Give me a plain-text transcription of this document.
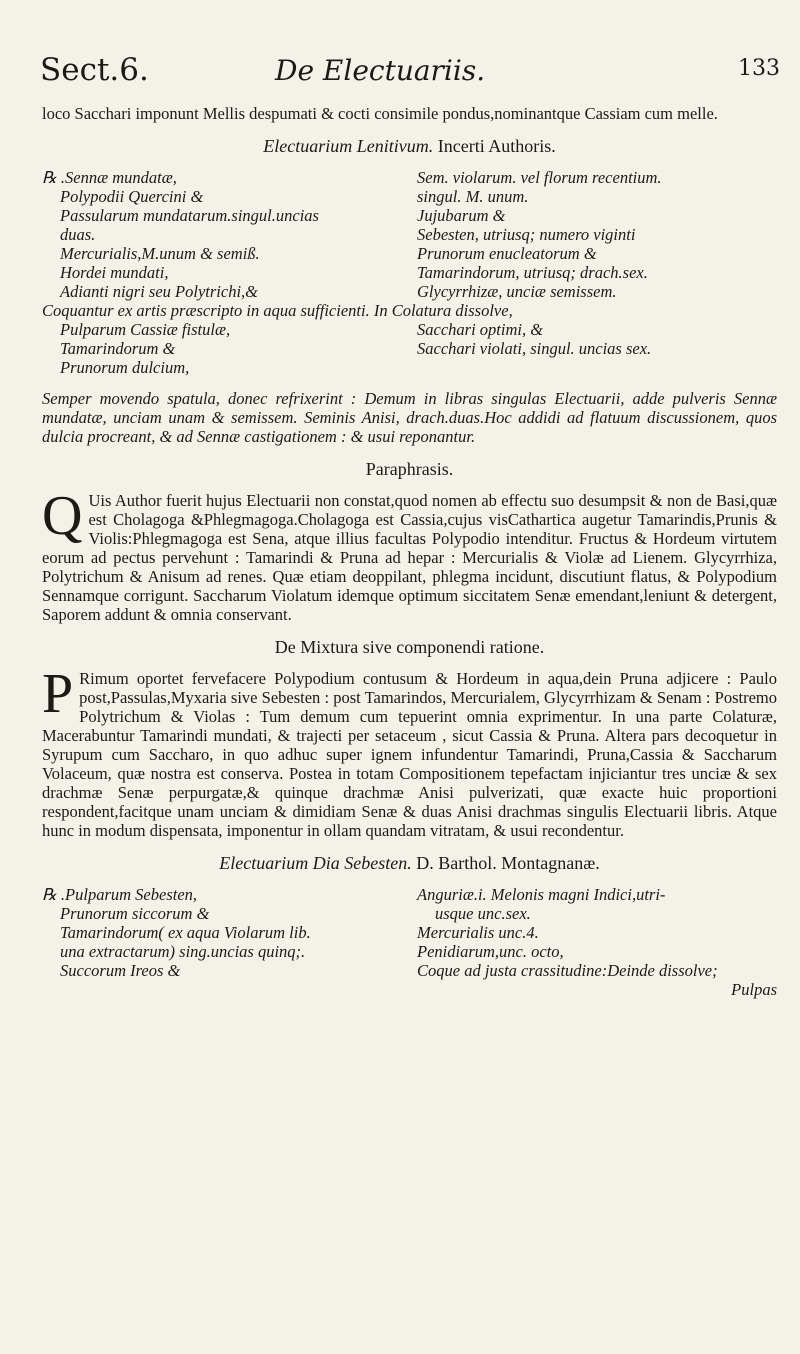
Sect.6.	De Electuariis.	133

loco Sacchari imponunt Mellis despumati & cocti consimile pondus,nominantque Cassiam cum melle.

Electuarium Lenitivum. Incerti Authoris.

℞ .Sennæ mundatæ,

Polypodii Quercini &

Passularum mundatarum.singul.uncias

duas.

Mercurialis,M.unum & semiß.

Hordei mundati,

Adianti nigri seu Polytrichi,&

Sem. violarum. vel florum recentium.

singul. M. unum.

Jujubarum &

Sebesten, utriusq; numero viginti

Prunorum enucleatorum &

Tamarindorum, utriusq; drach.sex.

Glycyrrhizæ, unciæ semissem.

Coquantur ex artis præscripto in aqua sufficienti. In Colatura dissolve,

Pulparum Cassiæ fistulæ,

Tamarindorum &

Prunorum dulcium,

Sacchari optimi, &

Sacchari violati, singul. uncias sex.

Semper movendo spatula, donec refrixerint : Demum in libras singulas Electuarii, adde pulveris Sennæ mundatæ, unciam unam & semissem. Seminis Anisi, drach.duas.Hoc addidi ad flatuum discussionem, quos dulcia procreant, & ad Sennæ castigationem : & usui reponantur.

Paraphrasis.
Q Uis Author fuerit hujus Electuarii non constat,quod nomen ab effectu suo desumpsit & non de Basi,quæ est Cholagoga &Phlegmagoga.Cholagoga est Cassia,cujus visCathartica augetur Tamarindis,Prunis & Violis:Phlegmagoga est Sena, atque illius facultas Polypodio intenditur. Fructus & Hordeum virtutem eorum ad pectus pervehunt : Tamarindi & Pruna ad hepar : Mercurialis & Violæ ad Lienem. Glycyrrhiza, Polytrichum & Anisum ad renes. Quæ etiam deoppilant, phlegma incidunt, discutiunt flatus, & Polypodium Sennamque corrigunt. Saccharum Violatum idemque optimum siccitatem Senæ emendant,leniunt & detergent, Saporem addunt & omnia conservant.
De Mixtura sive componendi ratione.
P Rimum oportet fervefacere Polypodium contusum & Hordeum in aqua,dein Pruna adjicere : Paulo post,Passulas,Myxaria sive Sebesten : post Tamarindos, Mercurialem, Glycyrrhizam & Senam : Postremo Polytrichum & Violas : Tum demum cum tepuerint omnia exprimentur. In una parte Colaturæ, Macerabuntur Tamarindi mundati, & trajecti per setaceum , sicut Cassia & Pruna. Altera pars decoquetur in Syrupum cum Saccharo, in quo adhuc super ignem infundentur Tamarindi, Pruna,Cassia & Saccharum Volaceum, quæ nostra est conserva. Postea in totam Compositionem tepefactam injiciantur tres unciæ & sex drachmæ Senæ perpurgatæ,& quinque drachmæ Anisi pulverizati, quæ exacte huic proportioni respondent,facitque unam unciam & dimidiam Senæ & duas Anisi drachmas singulis Electuarii libris. Atque hunc in modum dispensata, imponentur in ollam quandam vitratam, & usui recondentur.
Electuarium Dia Sebesten. D. Barthol. Montagnanæ.

℞ .Pulparum Sebesten,

Prunorum siccorum &

Tamarindorum( ex aqua Violarum lib.

una extractarum) sing.uncias quinq;.

Succorum Ireos &

Anguriæ.i. Melonis magni Indici,utri-

usque unc.sex.

Mercurialis unc.4.

Penidiarum,unc. octo,

Coque ad justa crassitudine:Deinde dissolve;

Pulpas
